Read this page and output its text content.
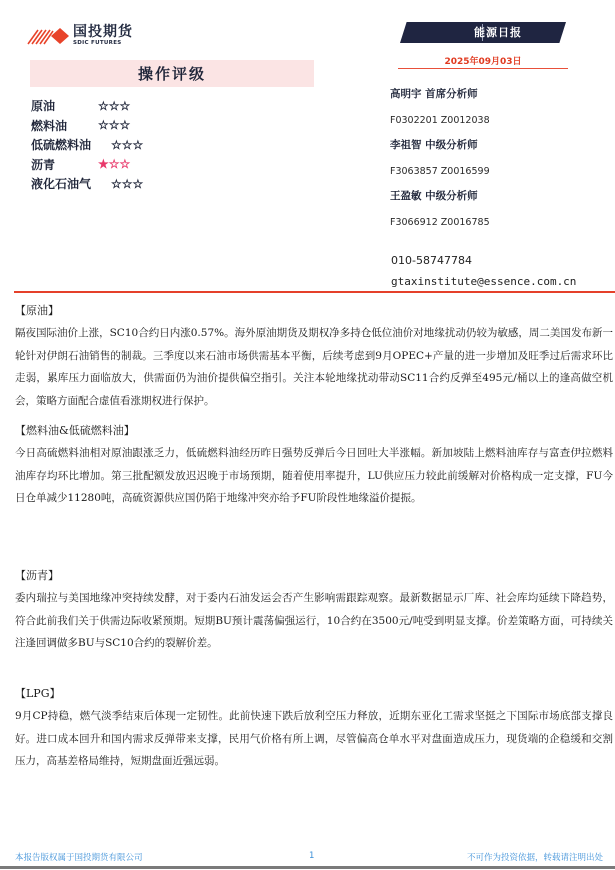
国投期货
SDIC FUTURES
能源日报
2025年09月03日
操作评级
原油	☆☆☆
燃料油	☆☆☆
低硫燃料油	☆☆☆
沥青	★ ☆☆
液化石油气	☆☆☆
高明宇 首席分析师
F0302201 Z0012038
李祖智 中级分析师
F3063857 Z0016599
王盈敏 中级分析师
F3066912 Z0016785
010-58747784
gtaxinstitute@essence.com.cn
【原油】
隔夜国际油价上涨，SC10合约日内涨0.57%。海外原油期货及期权净多持仓低位油价对地缘扰动仍较为敏感，周二美国发布新一轮针对伊朗石油销售的制裁。三季度以来石油市场供需基本平衡，后续考虑到9月OPEC+产量的进一步增加及旺季过后需求环比走弱，累库压力面临放大，供需面仍为油价提供偏空指引。关注本轮地缘扰动带动SC11合约反弹至495元/桶以上的逢高做空机会，策略方面配合虚值看涨期权进行保护。
【燃料油&低硫燃料油】
今日高硫燃料油相对原油跟涨乏力，低硫燃料油经历昨日强势反弹后今日回吐大半涨幅。新加坡陆上燃料油库存与富查伊拉燃料油库存均环比增加。第三批配额发放迟迟晚于市场预期，随着使用率提升，LU供应压力较此前缓解对价格构成一定支撑，FU今日仓单减少11280吨，高硫资源供应国仍陷于地缘冲突亦给予FU阶段性地缘溢价提振。
【沥青】
委内瑞拉与美国地缘冲突持续发酵，对于委内石油发运会否产生影响需跟踪观察。最新数据显示厂库、社会库均延续下降趋势，符合此前我们关于供需边际收紧预期。短期BU预计震荡偏强运行，10合约在3500元/吨受到明显支撑。价差策略方面，可持续关注逢回调做多BU与SC10合约的裂解价差。
【LPG】
9月CP持稳，燃气淡季结束后体现一定韧性。此前快速下跌后放利空压力释放，近期东亚化工需求坚挺之下国际市场底部支撑良好。进口成本回升和国内需求反弹带来支撑，民用气价格有所上调，尽管偏高仓单水平对盘面造成压力，现货端的企稳缓和交割压力，高基差格局维持，短期盘面近强远弱。
本报告版权属于国投期货有限公司	1	不可作为投资依据，转载请注明出处
